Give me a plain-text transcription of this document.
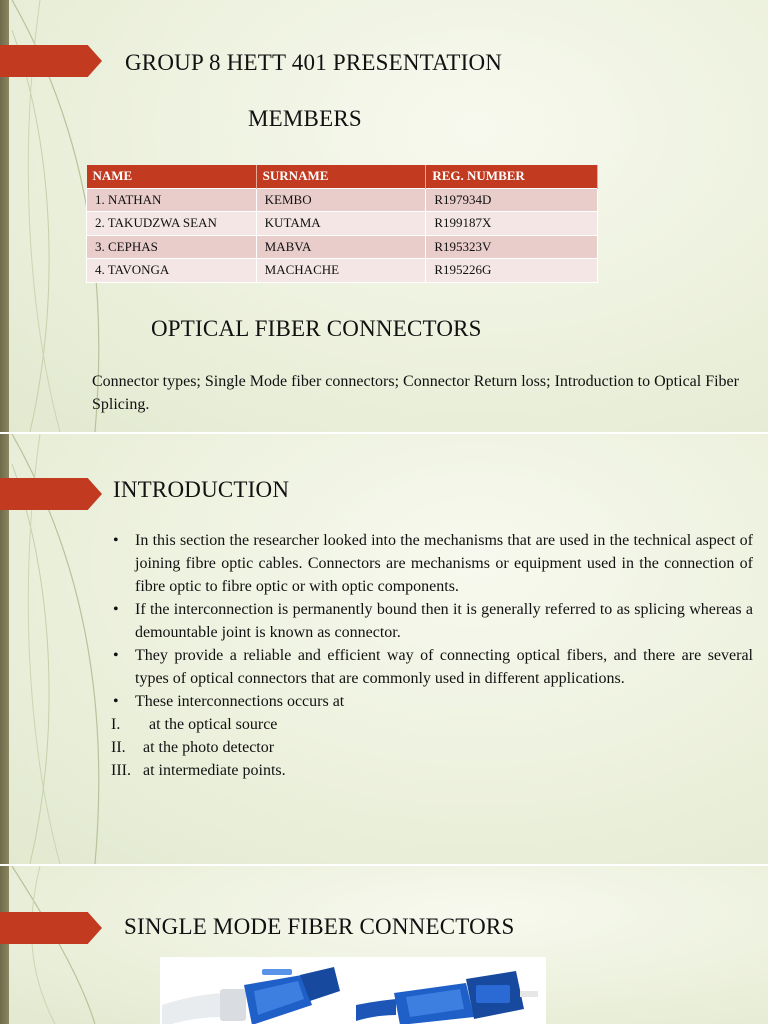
GROUP 8 HETT 401 PRESENTATION
MEMBERS
NAME	SURNAME	REG. NUMBER
1. NATHAN	KEMBO	R197934D
2. TAKUDZWA SEAN	KUTAMA	R199187X
3. CEPHAS	MABVA	R195323V
4. TAVONGA	MACHACHE	R195226G
OPTICAL FIBER CONNECTORS

Connector types; Single Mode fiber connectors; Connector Return loss; Introduction to Optical Fiber Splicing.

INTRODUCTION
• In this section the researcher looked into the mechanisms that are used in the technical aspect of joining fibre optic cables. Connectors are mechanisms or equipment used in the connection of fibre optic to fibre optic or with optic components.
• If the interconnection is permanently bound then it is generally referred to as splicing whereas a demountable joint is known as connector.
• They provide a reliable and efficient way of connecting optical fibers, and there are several types of optical connectors that are commonly used in different applications.
• These interconnections occurs at
I. at the optical source
II. at the photo detector
III. at intermediate points.
SINGLE MODE FIBER CONNECTORS
